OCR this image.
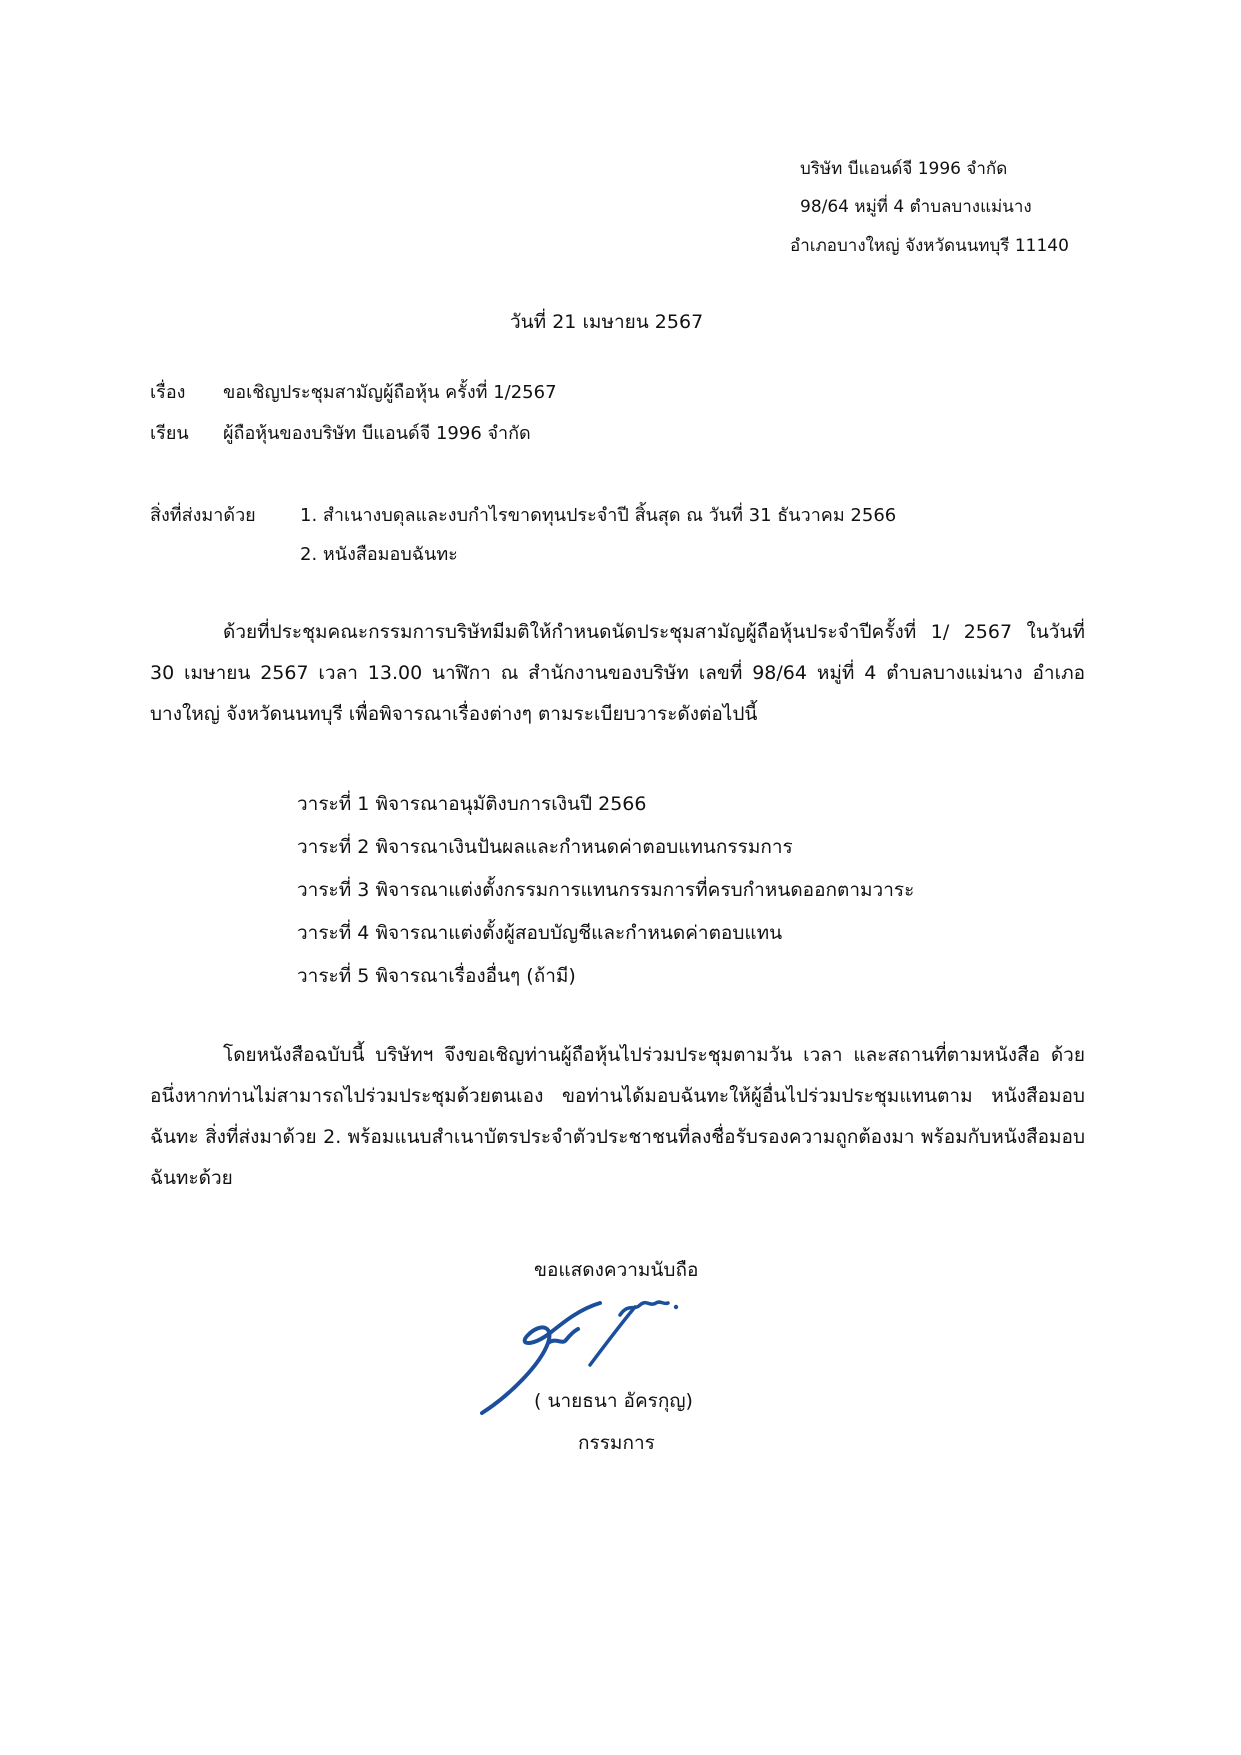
บริษัท บีแอนด์จี 1996 จำกัด
98/64 หมู่ที่ 4 ตำบลบางแม่นาง
อำเภอบางใหญ่ จังหวัดนนทบุรี 11140
วันที่ 21 เมษายน 2567
เรื่อง ขอเชิญประชุมสามัญผู้ถือหุ้น ครั้งที่ 1/2567
เรียน ผู้ถือหุ้นของบริษัท บีแอนด์จี 1996 จำกัด
สิ่งที่ส่งมาด้วย 1. สำเนางบดุลและงบกำไรขาดทุนประจำปี สิ้นสุด ณ วันที่ 31 ธันวาคม 2566
2. หนังสือมอบฉันทะ

ด้วยที่ประชุมคณะกรรมการบริษัทมีมติให้กำหนดนัดประชุมสามัญผู้ถือหุ้นประจำปีครั้งที่ 1/ 2567 ในวันที่ 30 เมษายน 2567 เวลา 13.00 นาฬิกา ณ สำนักงานของบริษัท เลขที่ 98/64 หมู่ที่ 4 ตำบลบางแม่นาง อำเภอบางใหญ่ จังหวัดนนทบุรี เพื่อพิจารณาเรื่องต่างๆ ตามระเบียบวาระดังต่อไปนี้

วาระที่ 1 พิจารณาอนุมัติงบการเงินปี 2566
วาระที่ 2 พิจารณาเงินปันผลและกำหนดค่าตอบแทนกรรมการ
วาระที่ 3 พิจารณาแต่งตั้งกรรมการแทนกรรมการที่ครบกำหนดออกตามวาระ
วาระที่ 4 พิจารณาแต่งตั้งผู้สอบบัญชีและกำหนดค่าตอบแทน
วาระที่ 5 พิจารณาเรื่องอื่นๆ (ถ้ามี)

โดยหนังสือฉบับนี้ บริษัทฯ จึงขอเชิญท่านผู้ถือหุ้นไปร่วมประชุมตามวัน เวลา และสถานที่ตามหนังสือ ด้วย อนึ่งหากท่านไม่สามารถไปร่วมประชุมด้วยตนเอง ขอท่านได้มอบฉันทะให้ผู้อื่นไปร่วมประชุมแทนตาม หนังสือมอบฉันทะ สิ่งที่ส่งมาด้วย 2. พร้อมแนบสำเนาบัตรประจำตัวประชาชนที่ลงชื่อรับรองความถูกต้องมา พร้อมกับหนังสือมอบฉันทะด้วย

ขอแสดงความนับถือ
( นายธนา อัครกุญ)
กรรมการ
